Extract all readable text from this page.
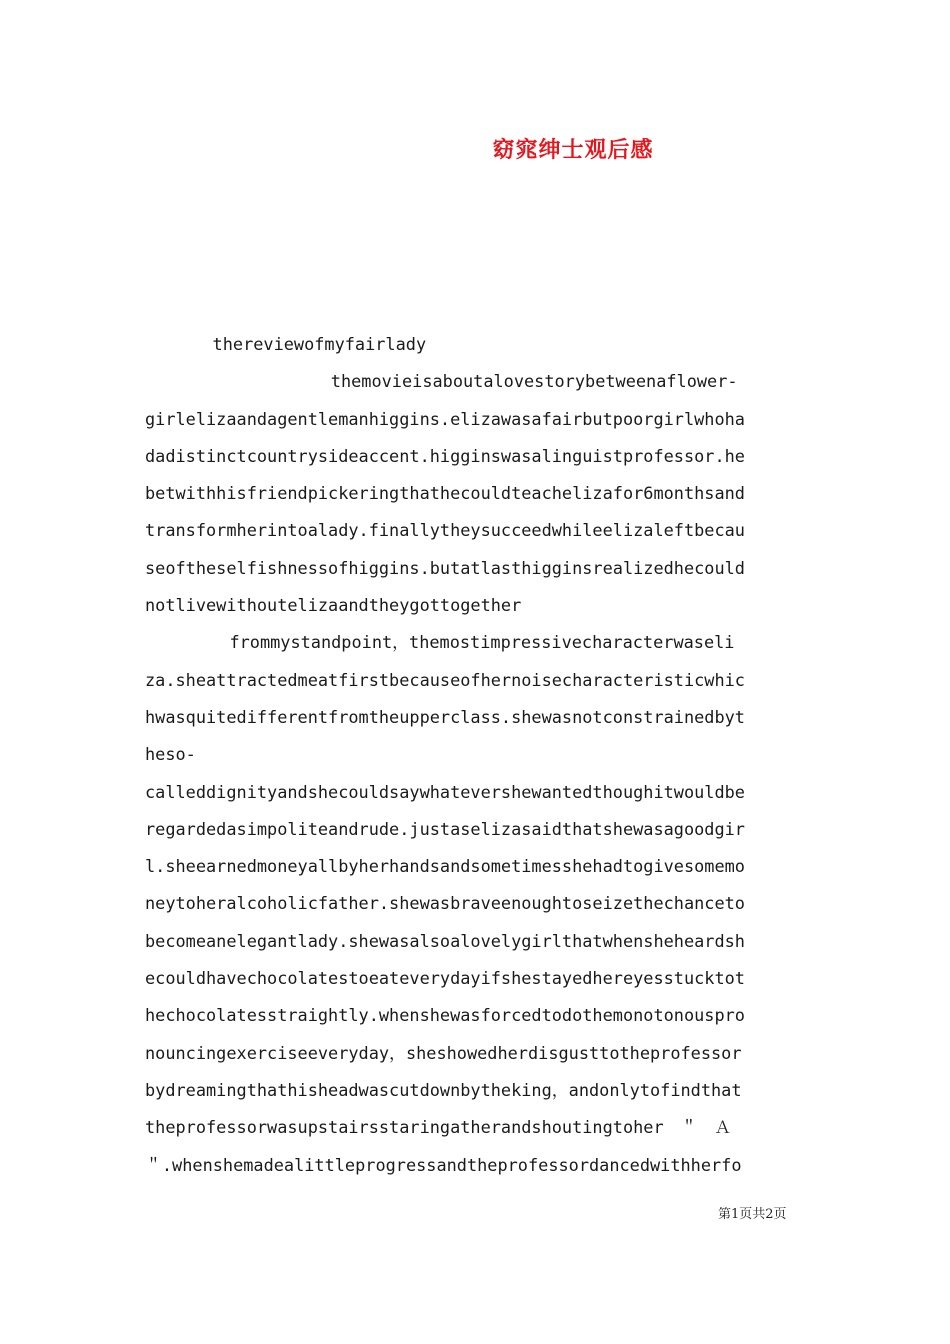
窈窕绅士观后感
　　　　thereviewofmyfairlady
　　　　　　　　　　　themovieisaboutalovestorybetweenaflower-
girlelizaandagentlemanhiggins.elizawasafairbutpoorgirlwhoha
dadistinctcountrysideaccent.higginswasalinguistprofessor.he
betwithhisfriendpickeringthathecouldteachelizafor6monthsand
transformherintoalady.finallytheysucceedwhileelizaleftbecau
seoftheselfishnessofhiggins.butatlasthigginsrealizedhecould
notlivewithoutelizaandtheygottogether
　　　　　frommystandpoint，themostimpressivecharacterwaseli
za.sheattractedmeatfirstbecauseofhernoisecharacteristicwhic
hwasquitedifferentfromtheupperclass.shewasnotconstrainedbyt
heso-
calleddignityandshecouldsaywhatevershewantedthoughitwouldbe
regardedasimpoliteandrude.justaselizasaidthatshewasagoodgir
l.sheearnedmoneyallbyherhandsandsometimesshehadtogivesomemo
neytoheralcoholicfather.shewasbraveenoughtoseizethechanceto
becomeanelegantlady.shewasalsoalovelygirlthatwhensheheardsh
ecouldhavechocolatestoeateverydayifshestayedhereyesstucktot
hechocolatesstraightly.whenshewasforcedtodothemonotonouspro
nouncingexerciseeveryday，sheshowedherdisgusttotheprofessor
bydreamingthathisheadwascutdownbytheking，andonlytofindthat
theprofessorwasupstairsstaringatherandshoutingtoher　＂　Ａ
＂.whenshemadealittleprogressandtheprofessordancedwithherfo
第1页共2页
